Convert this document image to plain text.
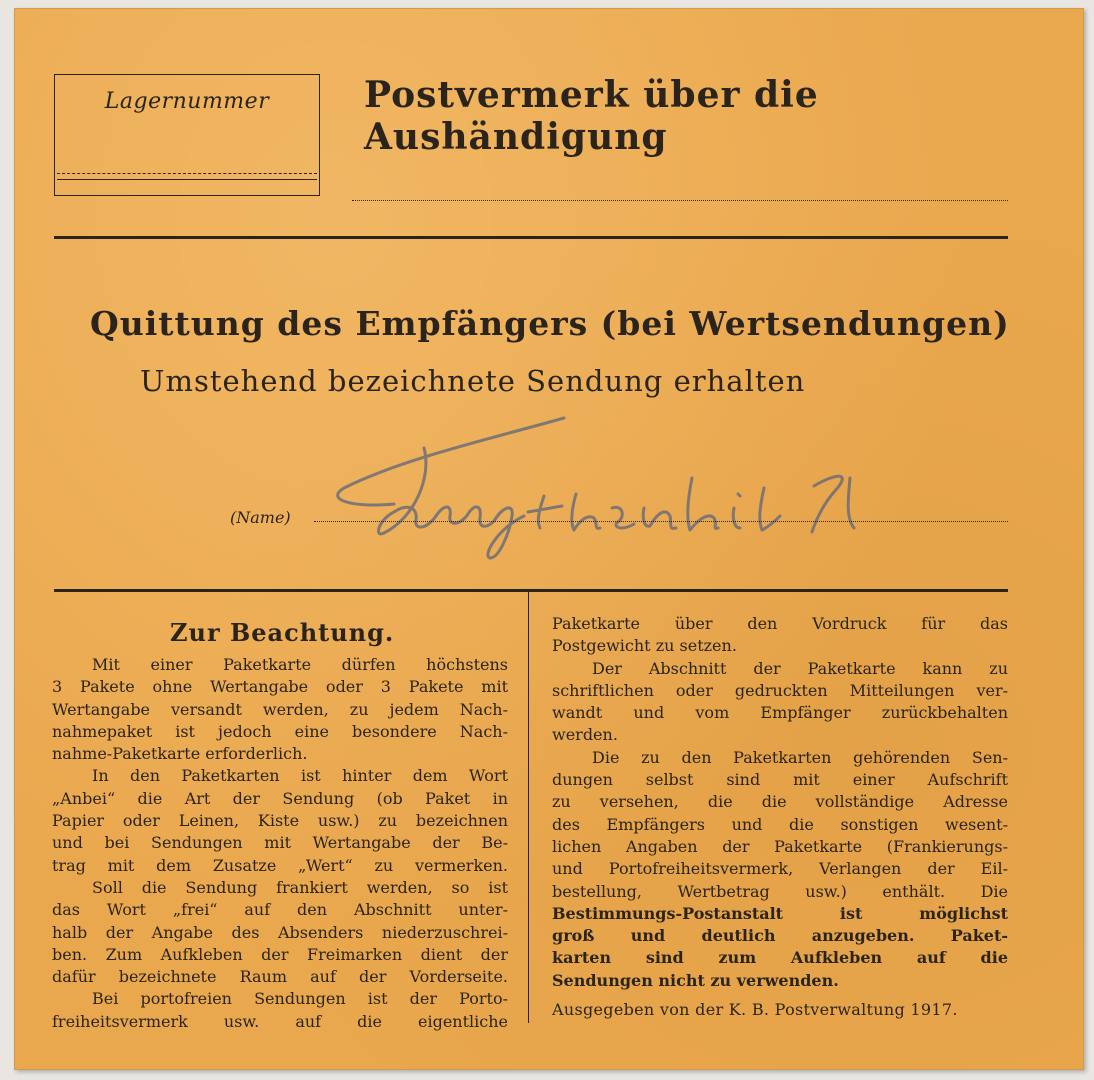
Lagernummer	Postvermerk über die Aushändigung
Quittung des Empfängers (bei Wertsendungen)
Umstehend bezeichnete Sendung erhalten
(Name)
Zur Beachtung.
Mit einer Paketkarte dürfen höchstens
3 Pakete ohne Wertangabe oder 3 Pakete mit
Wertangabe versandt werden, zu jedem Nach-
nahmepaket ist jedoch eine besondere Nach-
nahme-Paketkarte erforderlich.
In den Paketkarten ist hinter dem Wort
„Anbei“ die Art der Sendung (ob Paket in
Papier oder Leinen, Kiste usw.) zu bezeichnen
und bei Sendungen mit Wertangabe der Be-
trag mit dem Zusatze „Wert“ zu vermerken.
Soll die Sendung frankiert werden, so ist
das Wort „frei“ auf den Abschnitt unter-
halb der Angabe des Absenders niederzuschrei-
ben. Zum Aufkleben der Freimarken dient der
dafür bezeichnete Raum auf der Vorderseite.
Bei portofreien Sendungen ist der Porto-
freiheitsvermerk usw. auf die eigentliche
Paketkarte über den Vordruck für das
Postgewicht zu setzen.
Der Abschnitt der Paketkarte kann zu
schriftlichen oder gedruckten Mitteilungen ver-
wandt und vom Empfänger zurückbehalten
werden.
Die zu den Paketkarten gehörenden Sen-
dungen selbst sind mit einer Aufschrift
zu versehen, die die vollständige Adresse
des Empfängers und die sonstigen wesent-
lichen Angaben der Paketkarte (Frankierungs-
und Portofreiheitsvermerk, Verlangen der Eil-
bestellung, Wertbetrag usw.) enthält. Die
Bestimmungs-Postanstalt ist möglichst
groß und deutlich anzugeben. Paket-
karten sind zum Aufkleben auf die
Sendungen nicht zu verwenden.
Ausgegeben von der K. B. Postverwaltung 1917.
